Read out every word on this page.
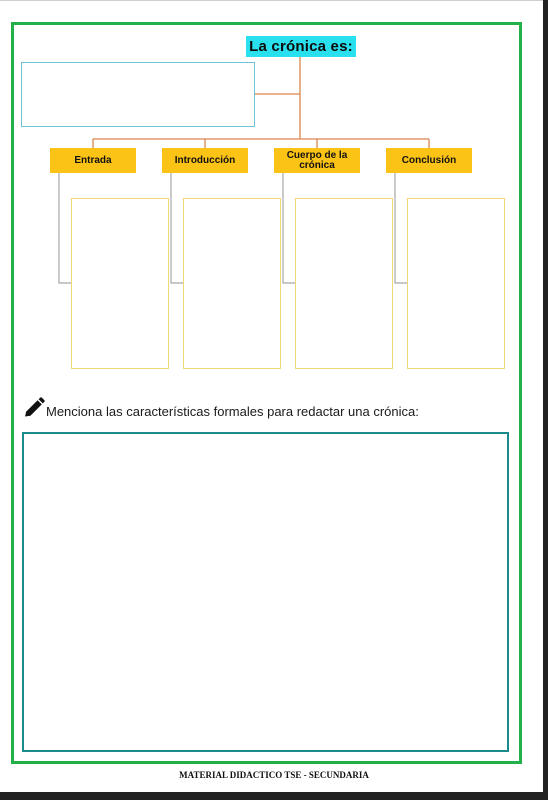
La crónica es:
Entrada	Introducción	Cuerpo de la crónica	Conclusión
Menciona las características formales para redactar una crónica:
MATERIAL DIDACTICO TSE - SECUNDARIA
